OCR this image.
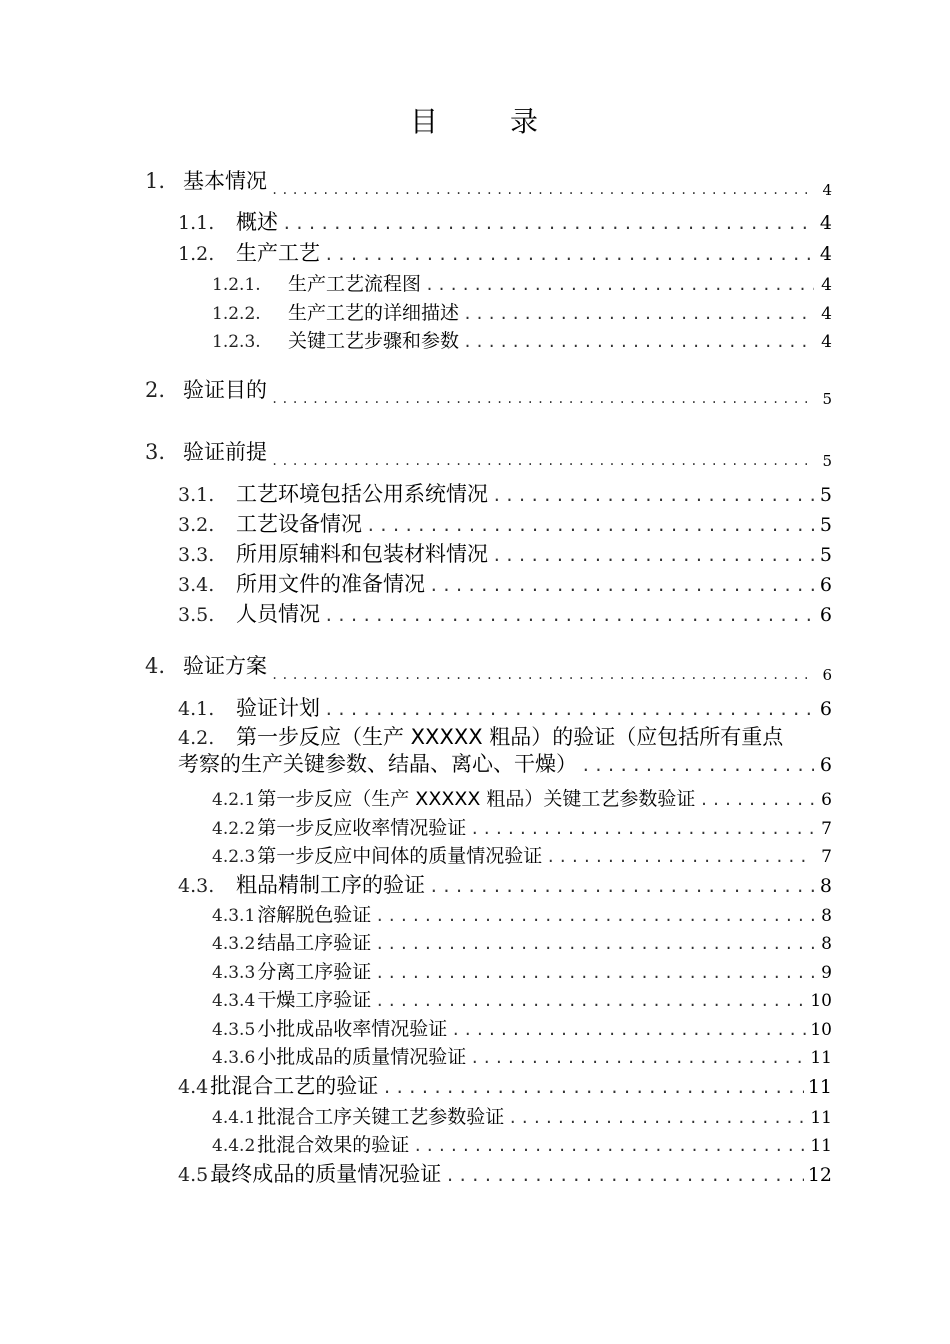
目	录
1. 基本情况 .....	4
1.1.	概述 .....	4
1.2.	生产工艺 .....	4
1.2.1.	生产工艺流程图 .....	4
1.2.2.	生产工艺的详细描述 .....	4
1.2.3.	关键工艺步骤和参数 .....	4
2. 验证目的 .....	5
3. 验证前提 .....	5
3.1.	工艺环境包括公用系统情况 .....	5
3.2.	工艺设备情况 .....	5
3.3.	所用原辅料和包装材料情况 .....	5
3.4.	所用文件的准备情况 .....	6
3.5.	人员情况 .....	6
4. 验证方案 .....	6
4.1.	验证计划 .....	6
4.2. 第一步反应（生产 XXXXX 粗品）的验证（应包括所有重点
考察的生产关键参数、结晶、离心、干燥） .....	6
4.2.1 第一步反应（生产 XXXXX 粗品）关键工艺参数验证 .....	6
4.2.2 第一步反应收率情况验证 .....	7
4.2.3 第一步反应中间体的质量情况验证 .....	7
4.3.	粗品精制工序的验证 .....	8
4.3.1 溶解脱色验证 .....	8
4.3.2 结晶工序验证 .....	8
4.3.3 分离工序验证 .....	9
4.3.4 干燥工序验证 .....	10
4.3.5 小批成品收率情况验证 .....	10
4.3.6 小批成品的质量情况验证 .....	11
4.4 批混合工艺的验证 .....	11
4.4.1 批混合工序关键工艺参数验证 .....	11
4.4.2 批混合效果的验证 .....	11
4.5 最终成品的质量情况验证 .....	12
